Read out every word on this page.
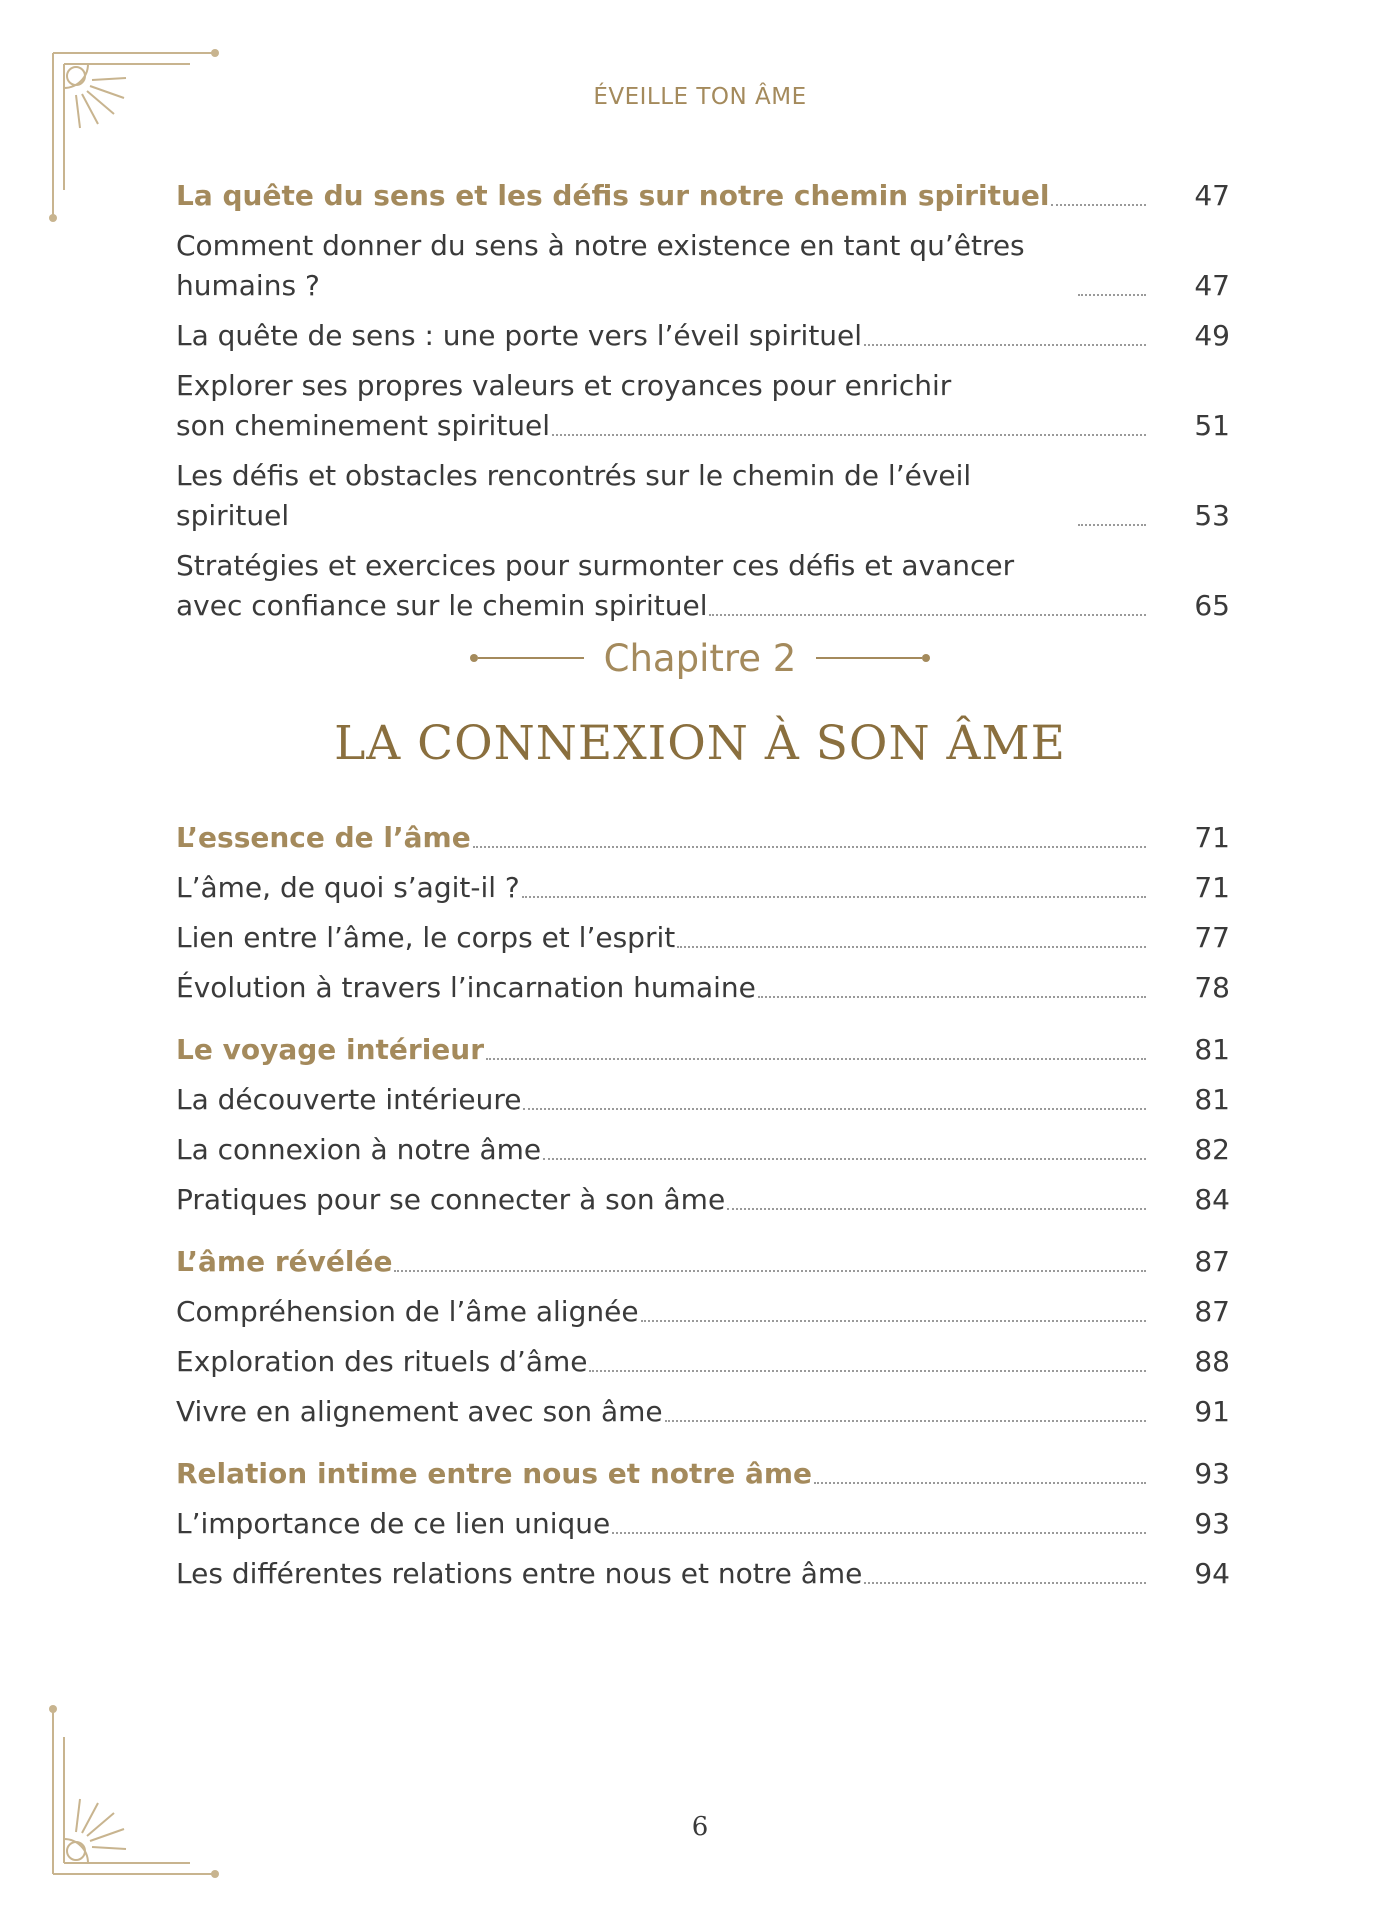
ÉVEILLE TON ÂME
La quête du sens et les défis sur notre chemin spirituel	47
Comment donner du sens à notre existence en tant qu’êtres humains ?	47
La quête de sens : une porte vers l’éveil spirituel	49
Explorer ses propres valeurs et croyances pour enrichir
son cheminement spirituel	51
Les défis et obstacles rencontrés sur le chemin de l’éveil spirituel	53
Stratégies et exercices pour surmonter ces défis et avancer
avec confiance sur le chemin spirituel	65
Chapitre 2
LA CONNEXION À SON ÂME
L’essence de l’âme	71
L’âme, de quoi s’agit-il ?	71
Lien entre l’âme, le corps et l’esprit	77
Évolution à travers l’incarnation humaine	78
Le voyage intérieur	81
La découverte intérieure	81
La connexion à notre âme	82
Pratiques pour se connecter à son âme	84
L’âme révélée	87
Compréhension de l’âme alignée	87
Exploration des rituels d’âme	88
Vivre en alignement avec son âme	91
Relation intime entre nous et notre âme	93
L’importance de ce lien unique	93
Les différentes relations entre nous et notre âme	94
6
